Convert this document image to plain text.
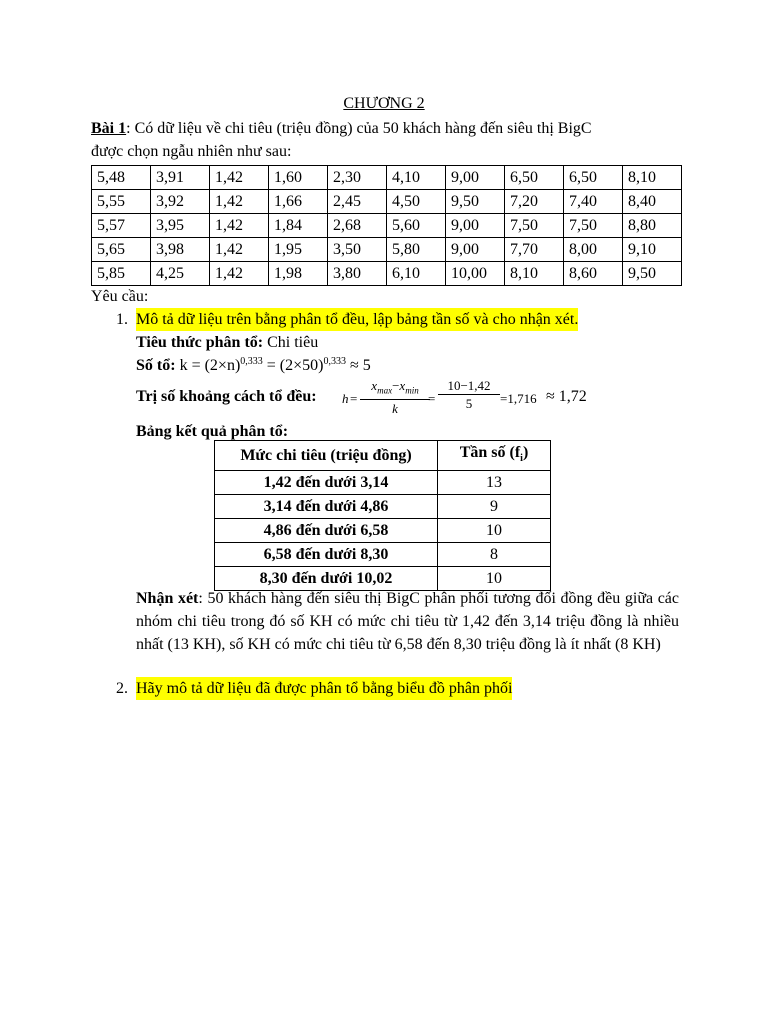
CHƯƠNG 2
Bài 1: Có dữ liệu về chi tiêu (triệu đồng) của 50 khách hàng đến siêu thị BigC
được chọn ngẫu nhiên như sau:
5,48	3,91	1,42	1,60	2,30	4,10	9,00	6,50	6,50	8,10
5,55	3,92	1,42	1,66	2,45	4,50	9,50	7,20	7,40	8,40
5,57	3,95	1,42	1,84	2,68	5,60	9,00	7,50	7,50	8,80
5,65	3,98	1,42	1,95	3,50	5,80	9,00	7,70	8,00	9,10
5,85	4,25	1,42	1,98	3,80	6,10	10,00	8,10	8,60	9,50
Yêu cầu:
1. Mô tả dữ liệu trên bằng phân tổ đều, lập bảng tần số và cho nhận xét.
Tiêu thức phân tổ: Chi tiêu
Số tổ: $k = (2\times n)^{0,333} = (2\times 50)^{0,333} \approx 5$
Trị số khoảng cách tổ đều: h =
$x_{max}-x_{min}$
k
= $\frac{10-1,42}{5} =1,716 \approx 1,72$
Bảng kết quả phân tổ:
Mức chi tiêu (triệu đồng)	Tần số $(f_i)$
1,42 đến dưới 3,14	13
3,14 đến dưới 4,86	9
4,86 đến dưới 6,58	10
6,58 đến dưới 8,30	8
8,30 đến dưới 10,02	10
Nhận xét: 50 khách hàng đến siêu thị BigC phân phối tương đối đồng đều giữa các nhóm chi tiêu trong đó số KH có mức chi tiêu từ 1,42 đến 3,14 triệu đồng là nhiều nhất (13 KH), số KH có mức chi tiêu từ 6,58 đến 8,30 triệu đồng là ít nhất (8 KH)
2. Hãy mô tả dữ liệu đã được phân tổ bằng biểu đồ phân phối
